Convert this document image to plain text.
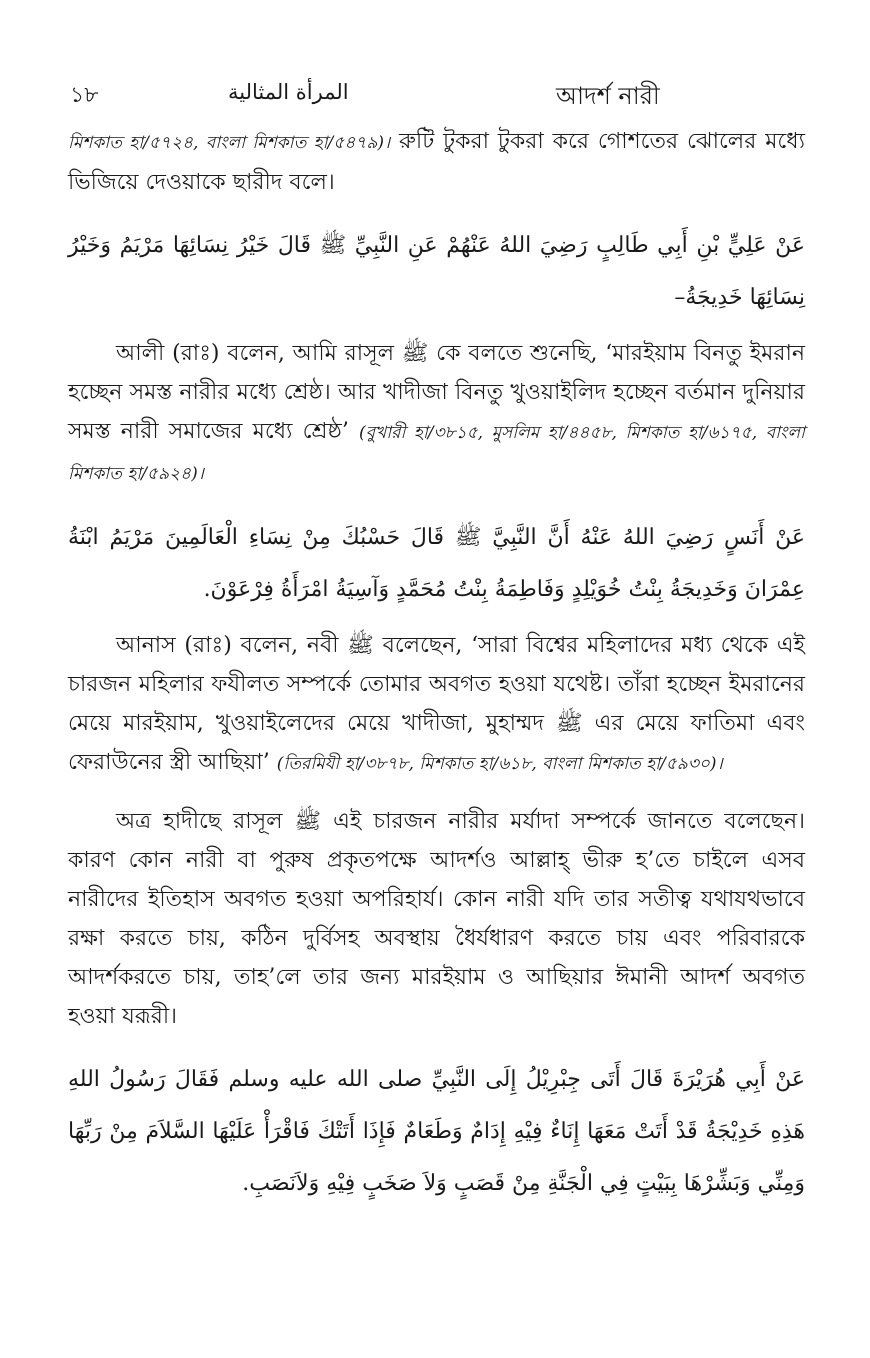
১৮	المرأة المثالية	আদর্শ নারী

মিশকাত হা/৫৭২৪, বাংলা মিশকাত হা/৫৪৭৯)। রুটি টুকরা টুকরা করে গোশতের ঝোলের মধ্যে ভিজিয়ে দেওয়াকে ছারীদ বলে।

عَنْ عَلِيٍّ بْنِ أَبِي طَالِبٍ رَضِيَ اللهُ عَنْهُمْ عَنِ النَّبِيِّ ﷺ قَالَ خَيْرُ نِسَائِهَا مَرْيَمُ وَخَيْرُ نِسَائِهَا خَدِيجَةُ–

আলী (রাঃ) বলেন, আমি রাসূল ﷺ কে বলতে শুনেছি, ‘মারইয়াম বিনতু ইমরান হচ্ছেন সমস্ত নারীর মধ্যে শ্রেষ্ঠ। আর খাদীজা বিনতু খুওয়াইলিদ হচ্ছেন বর্তমান দুনিয়ার সমস্ত নারী সমাজের মধ্যে শ্রেষ্ঠ’ (বুখারী হা/৩৮১৫, মুসলিম হা/৪৪৫৮, মিশকাত হা/৬১৭৫, বাংলা মিশকাত হা/৫৯২৪)।

عَنْ أَنَسٍ رَضِيَ اللهُ عَنْهُ أَنَّ النَّبِيَّ ﷺ قَالَ حَسْبُكَ مِنْ نِسَاءِ الْعَالَمِينَ مَرْيَمُ ابْنَةُ عِمْرَانَ وَخَدِيجَةُ بِنْتُ خُوَيْلِدٍ وَفَاطِمَةُ بِنْتُ مُحَمَّدٍ وَآسِيَةُ امْرَأَةُ فِرْعَوْنَ.

আনাস (রাঃ) বলেন, নবী ﷺ বলেছেন, ‘সারা বিশ্বের মহিলাদের মধ্য থেকে এই চারজন মহিলার ফযীলত সম্পর্কে তোমার অবগত হওয়া যথেষ্ট। তাঁরা হচ্ছেন ইমরানের মেয়ে মারইয়াম, খুওয়াইলেদের মেয়ে খাদীজা, মুহাম্মদ ﷺ এর মেয়ে ফাতিমা এবং ফেরাউনের স্ত্রী আছিয়া’ (তিরমিযী হা/৩৮৭৮, মিশকাত হা/৬১৮, বাংলা মিশকাত হা/৫৯৩০)।

অত্র হাদীছে রাসূল ﷺ এই চারজন নারীর মর্যাদা সম্পর্কে জানতে বলেছেন। কারণ কোন নারী বা পুরুষ প্রকৃতপক্ষে আদর্শও আল্লাহ্ ভীরু হ’তে চাইলে এসব নারীদের ইতিহাস অবগত হওয়া অপরিহার্য। কোন নারী যদি তার সতীত্ব যথাযথভাবে রক্ষা করতে চায়, কঠিন দুর্বিসহ অবস্থায় ধৈর্যধারণ করতে চায় এবং পরিবারকে আদর্শকরতে চায়, তাহ’লে তার জন্য মারইয়াম ও আছিয়ার ঈমানী আদর্শ অবগত হওয়া যরূরী।

عَنْ أَبِي هُرَيْرَةَ قَالَ أَتَى جِبْرِيْلُ إِلَى النَّبِيِّ صلى الله عليه وسلم فَقَالَ رَسُولُ اللهِ هَذِهِ خَدِيْجَةُ قَدْ أَتَتْ مَعَهَا إِنَاءٌ فِيْهِ إِدَامٌ وَطَعَامٌ فَإِذَا أَتَتْكَ فَاقْرَأْ عَلَيْهَا السَّلاَمَ مِنْ رَبِّهَا وَمِنِّي وَبَشِّرْهَا بِبَيْتٍ فِي الْجَنَّةِ مِنْ قَصَبٍ وَلاَ صَخَبٍ فِيْهِ وَلاَنَصَبِ.
